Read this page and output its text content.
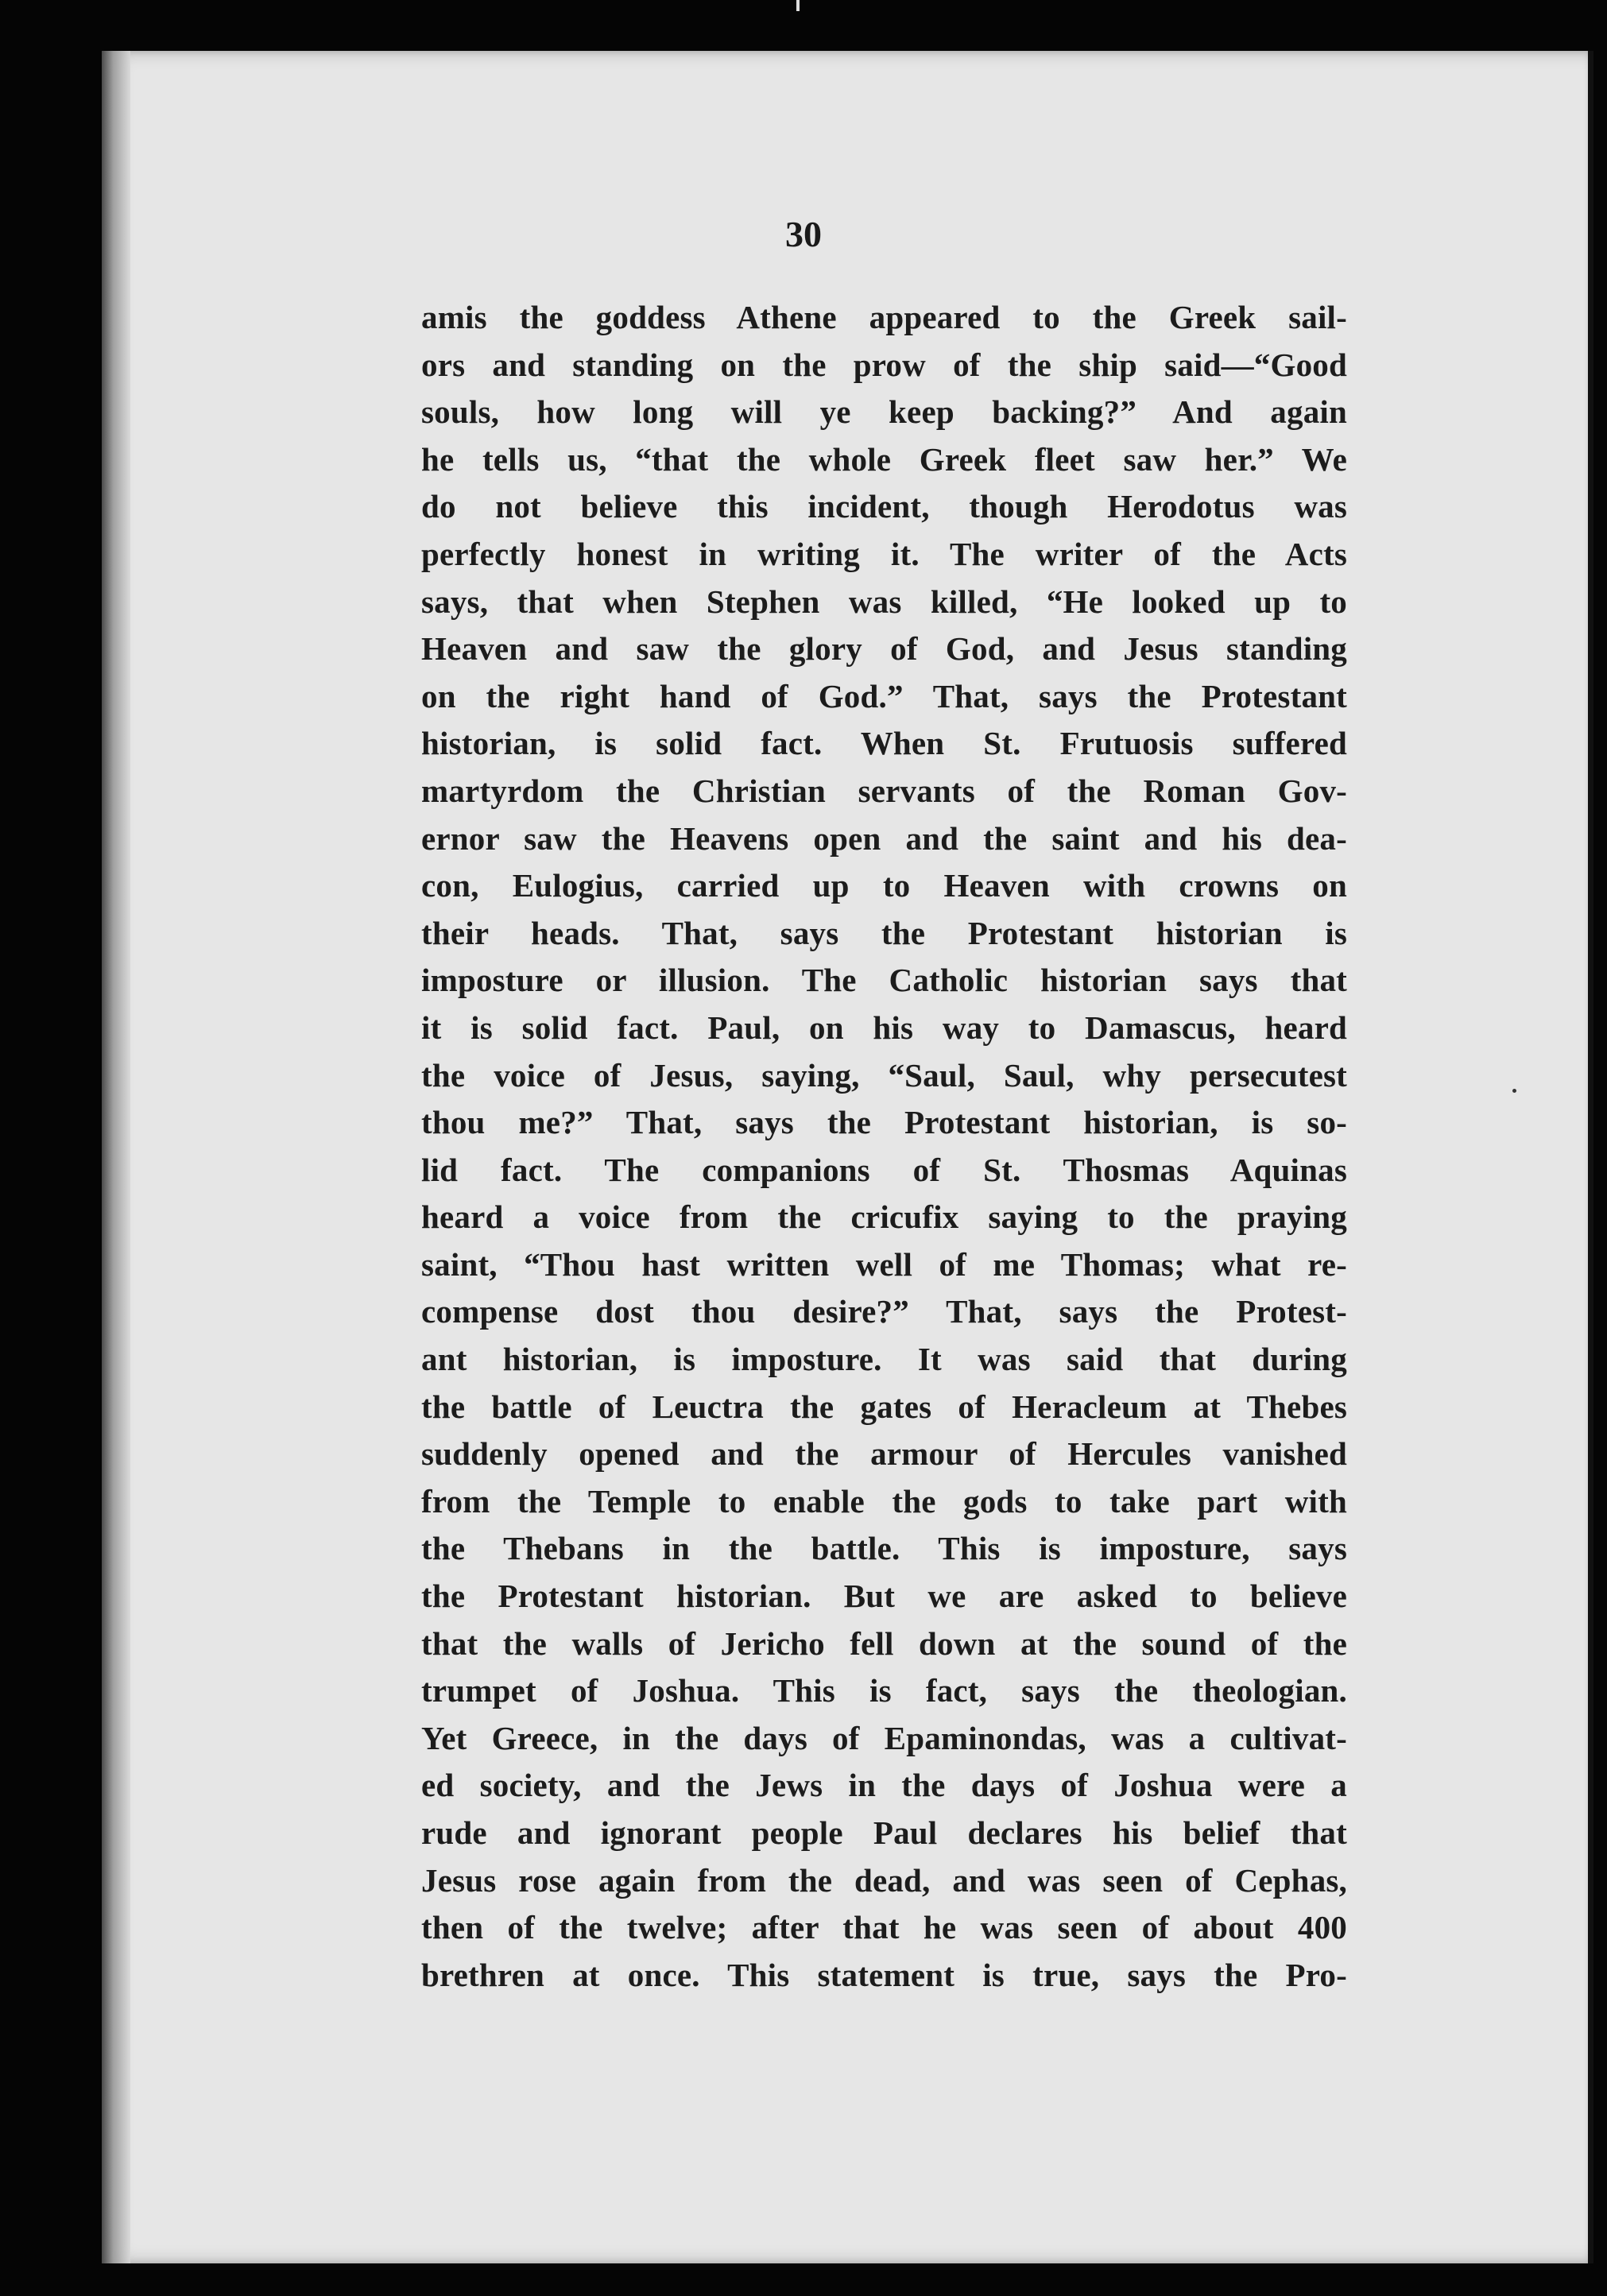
30
amis the goddess Athene appeared to the Greek sail-
ors and standing on the prow of the ship said—“Good
souls, how long will ye keep backing?” And again
he tells us, “that the whole Greek fleet saw her.” We
do not believe this incident, though Herodotus was
perfectly honest in writing it. The writer of the Acts
says, that when Stephen was killed, “He looked up to
Heaven and saw the glory of God, and Jesus standing
on the right hand of God.” That, says the Protestant
historian, is solid fact. When St. Frutuosis suffered
martyrdom the Christian servants of the Roman Gov-
ernor saw the Heavens open and the saint and his dea-
con, Eulogius, carried up to Heaven with crowns on
their heads. That, says the Protestant historian is
imposture or illusion. The Catholic historian says that
it is solid fact. Paul, on his way to Damascus, heard
the voice of Jesus, saying, “Saul, Saul, why persecutest
thou me?” That, says the Protestant historian, is so-
lid fact. The companions of St. Thosmas Aquinas
heard a voice from the cricufix saying to the praying
saint, “Thou hast written well of me Thomas; what re-
compense dost thou desire?” That, says the Protest-
ant historian, is imposture. It was said that during
the battle of Leuctra the gates of Heracleum at Thebes
suddenly opened and the armour of Hercules vanished
from the Temple to enable the gods to take part with
the Thebans in the battle. This is imposture, says
the Protestant historian. But we are asked to believe
that the walls of Jericho fell down at the sound of the
trumpet of Joshua. This is fact, says the theologian.
Yet Greece, in the days of Epaminondas, was a cultivat-
ed society, and the Jews in the days of Joshua were a
rude and ignorant people Paul declares his belief that
Jesus rose again from the dead, and was seen of Cephas,
then of the twelve; after that he was seen of about 400
brethren at once. This statement is true, says the Pro-
